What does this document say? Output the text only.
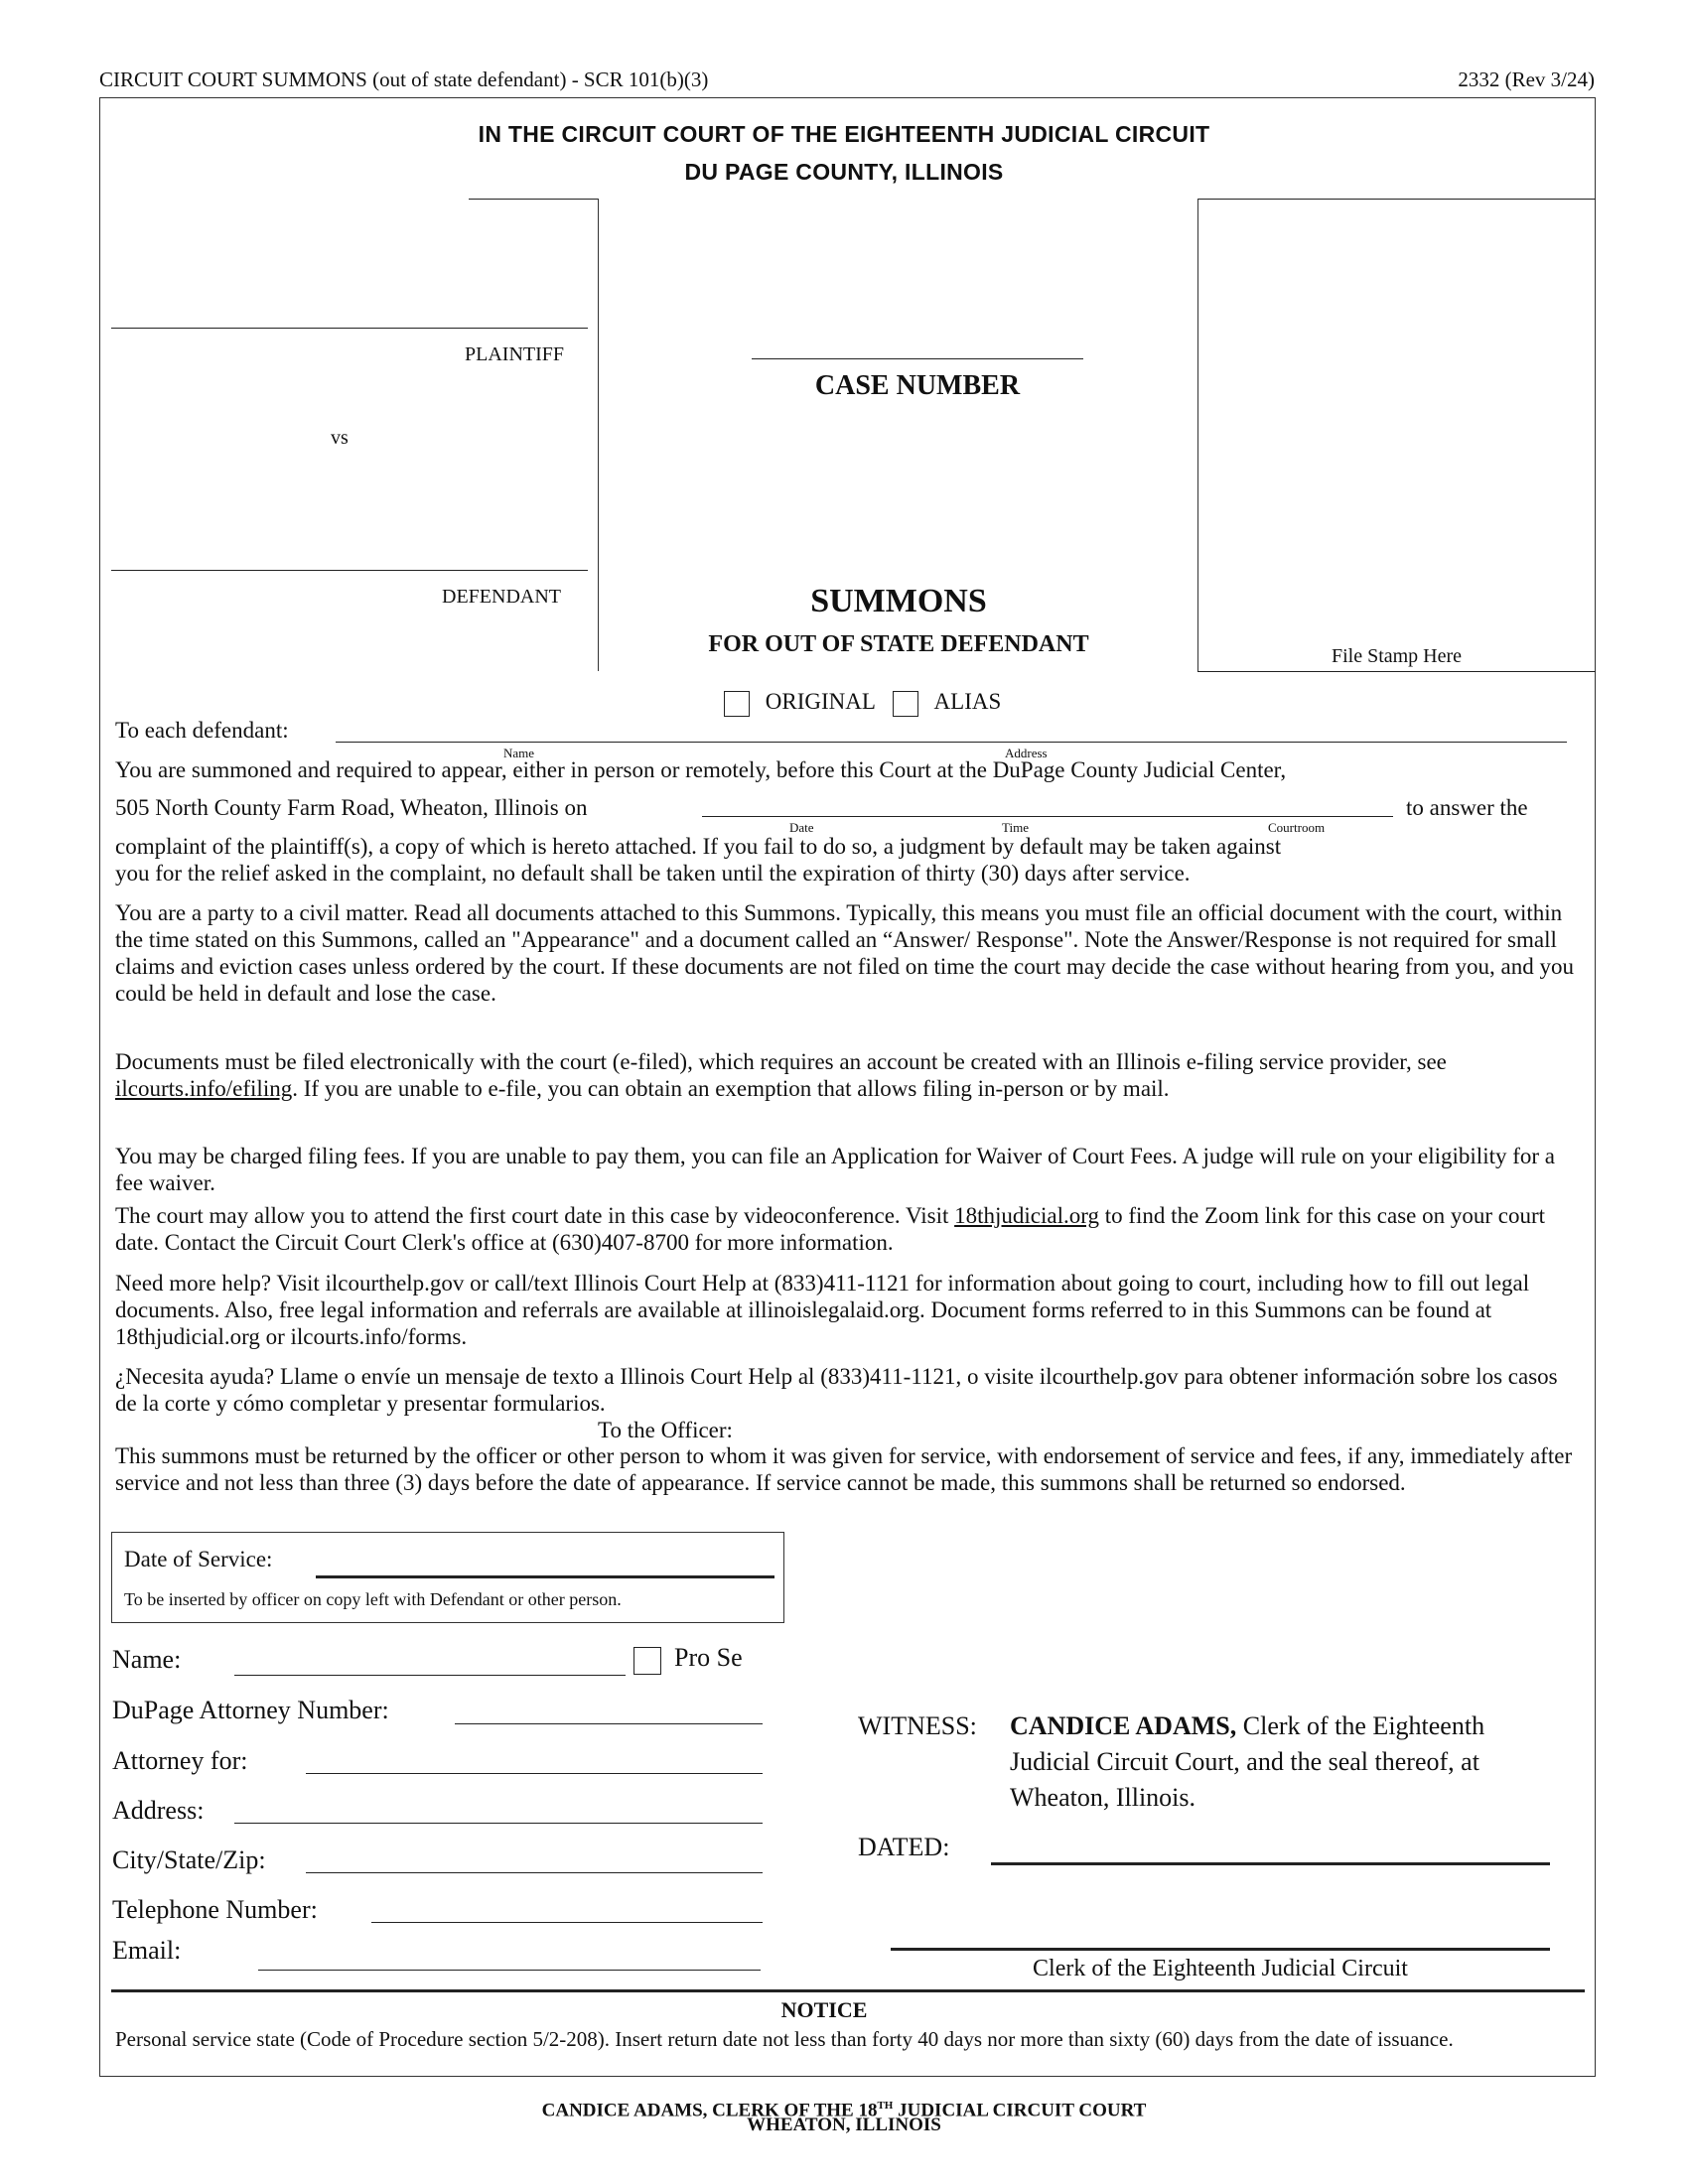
CIRCUIT COURT SUMMONS (out of state defendant) - SCR 101(b)(3)	2332 (Rev 3/24)
IN THE CIRCUIT COURT OF THE EIGHTEENTH JUDICIAL CIRCUIT
DU PAGE COUNTY, ILLINOIS
PLAINTIFF
vs
DEFENDANT
CASE NUMBER
SUMMONS
FOR OUT OF STATE DEFENDANT	File Stamp Here
ORIGINAL	ALIAS
To each defendant:
Name	Address
You are summoned and required to appear, either in person or remotely, before this Court at the DuPage County Judicial Center,
505 North County Farm Road, Wheaton, Illinois on	to answer the
Date	Time	Courtroom
complaint of the plaintiff(s), a copy of which is hereto attached. If you fail to do so, a judgment by default may be taken against
you for the relief asked in the complaint, no default shall be taken until the expiration of thirty (30) days after service.
You are a party to a civil matter. Read all documents attached to this Summons. Typically, this means you must file an official document with the court, within the time stated on this Summons, called an "Appearance" and a document called an “Answer/ Response". Note the Answer/Response is not required for small claims and eviction cases unless ordered by the court. If these documents are not filed on time the court may decide the case without hearing from you, and you could be held in default and lose the case.
Documents must be filed electronically with the court (e-filed), which requires an account be created with an Illinois e-filing service provider, see ilcourts.info/efiling. If you are unable to e-file, you can obtain an exemption that allows filing in-person or by mail.
You may be charged filing fees. If you are unable to pay them, you can file an Application for Waiver of Court Fees. A judge will rule on your eligibility for a fee waiver.
The court may allow you to attend the first court date in this case by videoconference. Visit 18thjudicial.org to find the Zoom link for this case on your court date. Contact the Circuit Court Clerk's office at (630)407-8700 for more information.
Need more help? Visit ilcourthelp.gov or call/text Illinois Court Help at (833)411-1121 for information about going to court, including how to fill out legal documents. Also, free legal information and referrals are available at illinoislegalaid.org. Document forms referred to in this Summons can be found at 18thjudicial.org or ilcourts.info/forms.
¿Necesita ayuda? Llame o envíe un mensaje de texto a Illinois Court Help al (833)411-1121, o visite ilcourthelp.gov para obtener información sobre los casos de la corte y cómo completar y presentar formularios.
To the Officer:
This summons must be returned by the officer or other person to whom it was given for service, with endorsement of service and fees, if any, immediately after service and not less than three (3) days before the date of appearance. If service cannot be made, this summons shall be returned so endorsed.
Date of Service:
To be inserted by officer on copy left with Defendant or other person.
Name:	Pro Se
DuPage Attorney Number:
Attorney for:
Address:
City/State/Zip:
Telephone Number:
Email:
WITNESS: CANDICE ADAMS, Clerk of the Eighteenth
Judicial Circuit Court, and the seal thereof, at
Wheaton, Illinois.
DATED:
Clerk of the Eighteenth Judicial Circuit
NOTICE
Personal service state (Code of Procedure section 5/2-208). Insert return date not less than forty 40 days nor more than sixty (60) days from the date of issuance.
CANDICE ADAMS, CLERK OF THE 18TH JUDICIAL CIRCUIT COURT
WHEATON, ILLINOIS
